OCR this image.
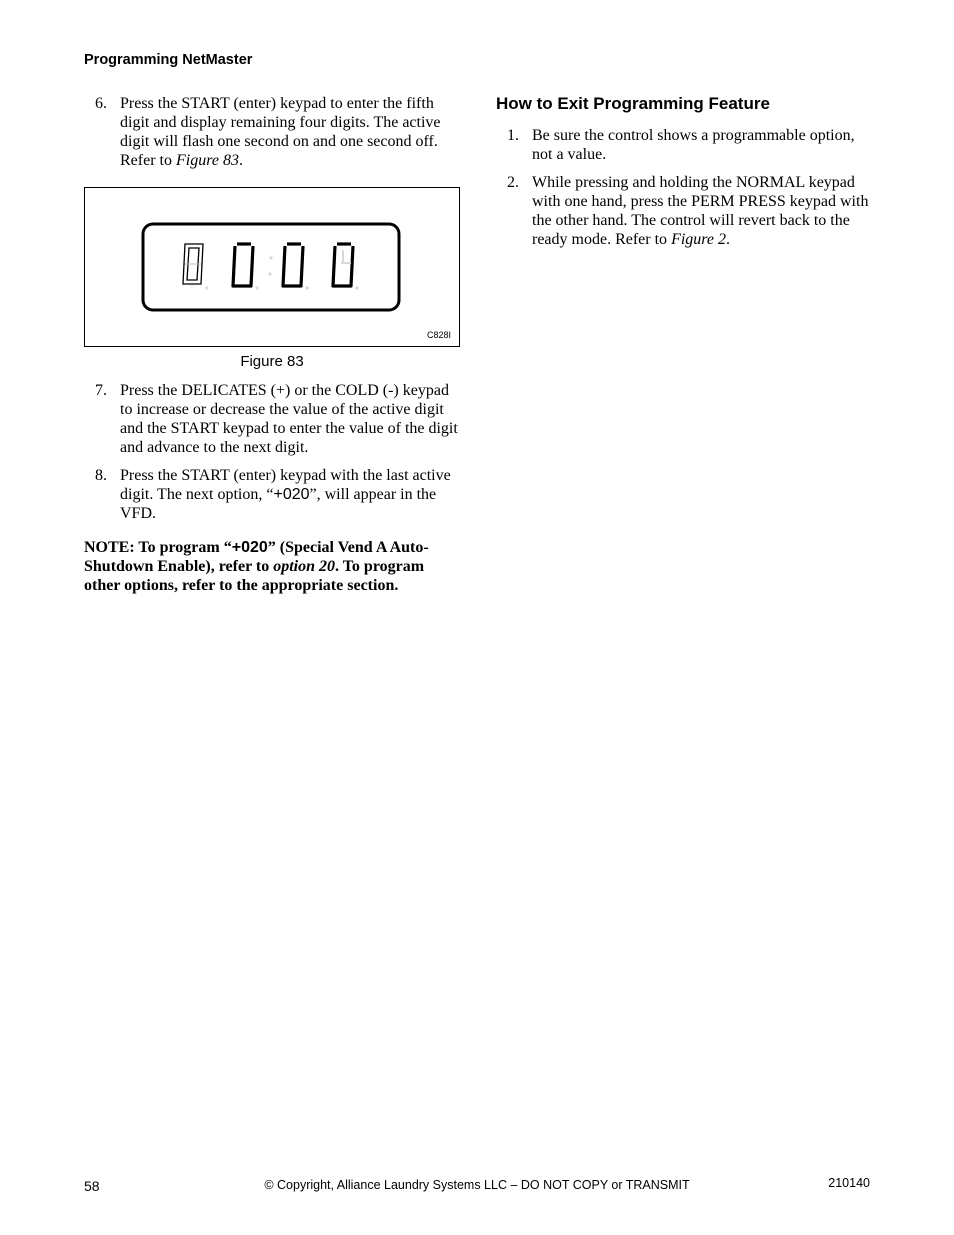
Programming NetMaster
6. Press the START (enter) keypad to enter the fifth digit and display remaining four digits. The active digit will flash one second on and one second off. Refer to Figure 83.
C828I
Figure 83
7. Press the DELICATES (+) or the COLD (-) keypad to increase or decrease the value of the active digit and the START keypad to enter the value of the digit and advance to the next digit.
8. Press the START (enter) keypad with the last active digit. The next option, “+020”, will appear in the VFD.
NOTE: To program “+020” (Special Vend A Auto-Shutdown Enable), refer to option 20. To program other options, refer to the appropriate section.
How to Exit Programming Feature
1. Be sure the control shows a programmable option, not a value.
2. While pressing and holding the NORMAL keypad with one hand, press the PERM PRESS keypad with the other hand. The control will revert back to the ready mode. Refer to Figure 2.
58	© Copyright, Alliance Laundry Systems LLC – DO NOT COPY or TRANSMIT	210140
